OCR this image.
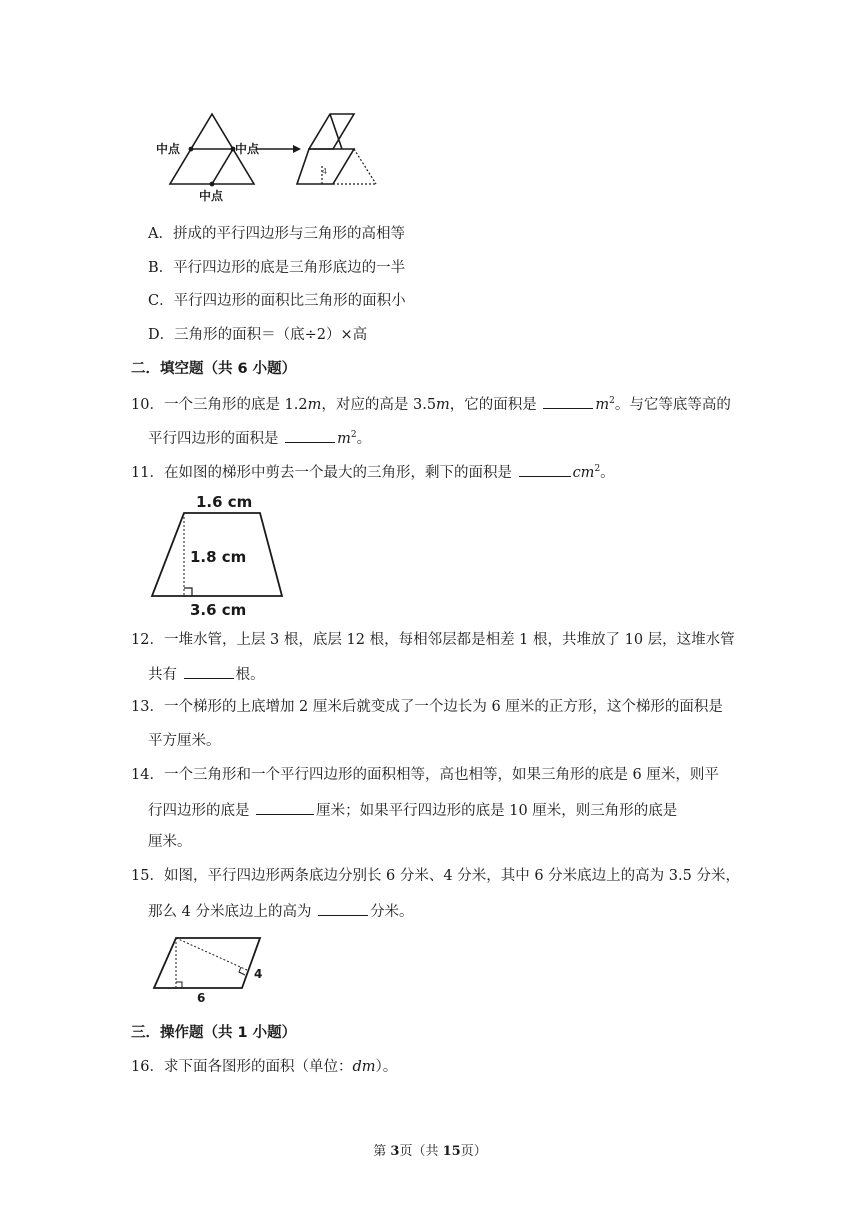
中点	中点
中点
4
A．拼成的平行四边形与三角形的高相等
B．平行四边形的底是三角形底边的一半
C．平行四边形的面积比三角形的面积小
D．三角形的面积＝（底÷2）×高
二．填空题（共 6 小题）
10．一个三角形的底是 1.2m，对应的高是 3.5m，它的面积是	$m^2$。与它等底等高的
平行四边形的面积是	$m^2$。
11．在如图的梯形中剪去一个最大的三角形，剩下的面积是	$cm^2$。
1.6 cm
1.8 cm
3.6 cm
12．一堆水管，上层 3 根，底层 12 根，每相邻层都是相差 1 根，共堆放了 10 层，这堆水管
共有	根。
13．一个梯形的上底增加 2 厘米后就变成了一个边长为 6 厘米的正方形，这个梯形的面积是
平方厘米。
14．一个三角形和一个平行四边形的面积相等，高也相等，如果三角形的底是 6 厘米，则平
行四边形的底是	厘米；如果平行四边形的底是 10 厘米，则三角形的底是
厘米。
15．如图，平行四边形两条底边分别长 6 分米、4 分米，其中 6 分米底边上的高为 3.5 分米，
那么 4 分米底边上的高为	分米。
4
6
三．操作题（共 1 小题）
16．求下面各图形的面积（单位：dm）。
第 3页（共 15页）
